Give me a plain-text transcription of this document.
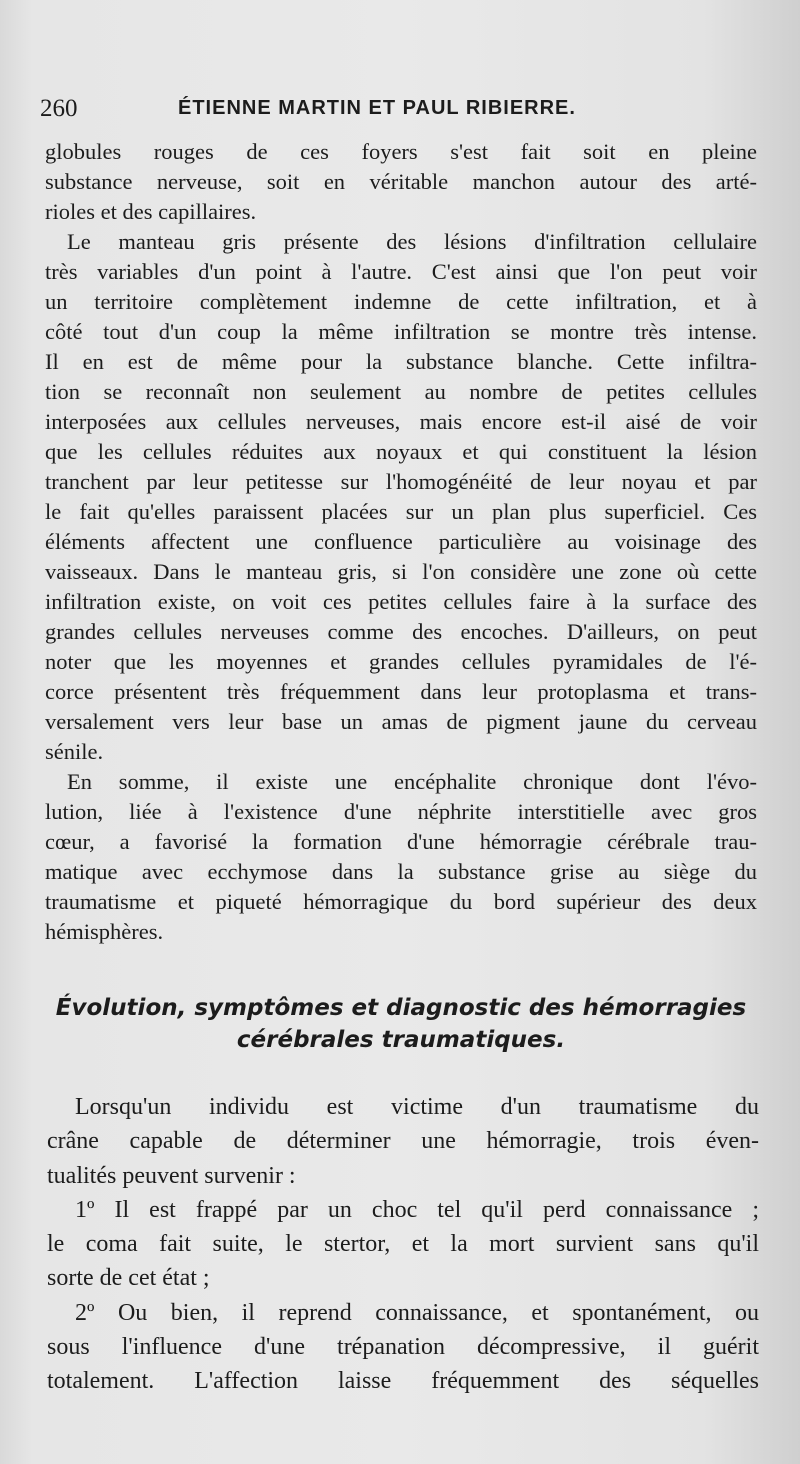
260	ÉTIENNE MARTIN ET PAUL RIBIERRE.
globules rouges de ces foyers s'est fait soit en pleine
substance nerveuse, soit en véritable manchon autour des arté-
rioles et des capillaires.
Le manteau gris présente des lésions d'infiltration cellulaire
très variables d'un point à l'autre. C'est ainsi que l'on peut voir
un territoire complètement indemne de cette infiltration, et à
côté tout d'un coup la même infiltration se montre très intense.
Il en est de même pour la substance blanche. Cette infiltra-
tion se reconnaît non seulement au nombre de petites cellules
interposées aux cellules nerveuses, mais encore est-il aisé de voir
que les cellules réduites aux noyaux et qui constituent la lésion
tranchent par leur petitesse sur l'homogénéité de leur noyau et par
le fait qu'elles paraissent placées sur un plan plus superficiel. Ces
éléments affectent une confluence particulière au voisinage des
vaisseaux. Dans le manteau gris, si l'on considère une zone où cette
infiltration existe, on voit ces petites cellules faire à la surface des
grandes cellules nerveuses comme des encoches. D'ailleurs, on peut
noter que les moyennes et grandes cellules pyramidales de l'é-
corce présentent très fréquemment dans leur protoplasma et trans-
versalement vers leur base un amas de pigment jaune du cerveau
sénile.
En somme, il existe une encéphalite chronique dont l'évo-
lution, liée à l'existence d'une néphrite interstitielle avec gros
cœur, a favorisé la formation d'une hémorragie cérébrale trau-
matique avec ecchymose dans la substance grise au siège du
traumatisme et piqueté hémorragique du bord supérieur des deux
hémisphères.
Évolution, symptômes et diagnostic des hémorragies
cérébrales traumatiques.
Lorsqu'un individu est victime d'un traumatisme du
crâne capable de déterminer une hémorragie, trois éven-
tualités peuvent survenir :
1º Il est frappé par un choc tel qu'il perd connaissance ;
le coma fait suite, le stertor, et la mort survient sans qu'il
sorte de cet état ;
2º Ou bien, il reprend connaissance, et spontanément, ou
sous l'influence d'une trépanation décompressive, il guérit
totalement. L'affection laisse fréquemment des séquelles
